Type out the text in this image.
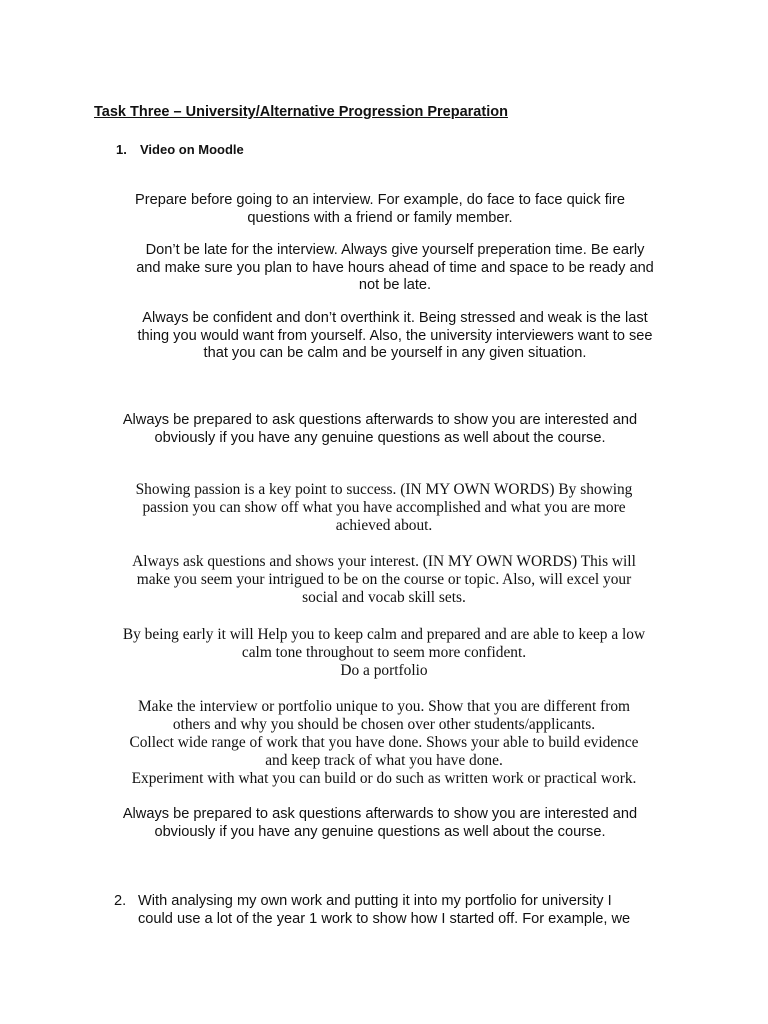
Task Three – University/Alternative Progression Preparation
1. Video on Moodle
Prepare before going to an interview. For example, do face to face quick fire
questions with a friend or family member.
Don’t be late for the interview. Always give yourself preperation time. Be early
and make sure you plan to have hours ahead of time and space to be ready and
not be late.
Always be confident and don’t overthink it. Being stressed and weak is the last
thing you would want from yourself. Also, the university interviewers want to see
that you can be calm and be yourself in any given situation.
Always be prepared to ask questions afterwards to show you are interested and
obviously if you have any genuine questions as well about the course.
Showing passion is a key point to success. (IN MY OWN WORDS) By showing
passion you can show off what you have accomplished and what you are more
achieved about.
Always ask questions and shows your interest. (IN MY OWN WORDS) This will
make you seem your intrigued to be on the course or topic. Also, will excel your
social and vocab skill sets.
By being early it will Help you to keep calm and prepared and are able to keep a low
calm tone throughout to seem more confident.
Do a portfolio
Make the interview or portfolio unique to you. Show that you are different from
others and why you should be chosen over other students/applicants.
Collect wide range of work that you have done. Shows your able to build evidence
and keep track of what you have done.
Experiment with what you can build or do such as written work or practical work.
Always be prepared to ask questions afterwards to show you are interested and
obviously if you have any genuine questions as well about the course.
2. With analysing my own work and putting it into my portfolio for university I
could use a lot of the year 1 work to show how I started off. For example, we
